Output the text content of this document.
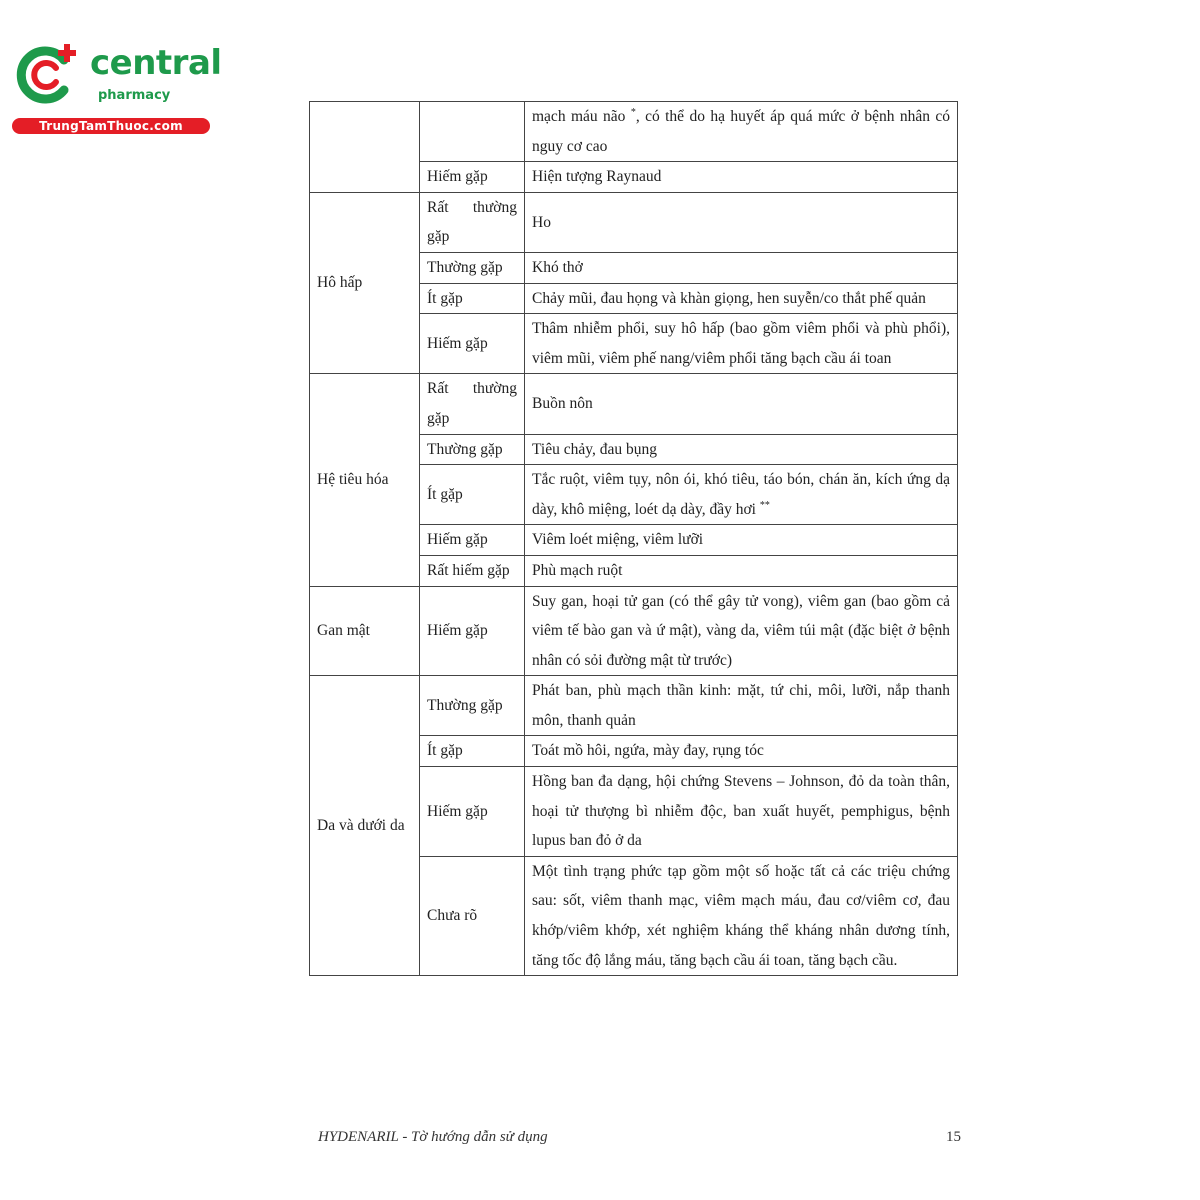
central
pharmacy
TrungTamThuoc.com
		mạch máu não *, có thể do hạ huyết áp quá mức ở bệnh nhân có nguy cơ cao
	Hiếm gặp	Hiện tượng Raynaud
Hô hấp	Rất thường gặp	Ho
	Thường gặp	Khó thở
	Ít gặp	Chảy mũi, đau họng và khàn giọng, hen suyễn/co thắt phế quản
	Hiếm gặp	Thâm nhiễm phổi, suy hô hấp (bao gồm viêm phổi và phù phổi), viêm mũi, viêm phế nang/viêm phổi tăng bạch cầu ái toan
Hệ tiêu hóa	Rất thường gặp	Buồn nôn
	Thường gặp	Tiêu chảy, đau bụng
	Ít gặp	Tắc ruột, viêm tụy, nôn ói, khó tiêu, táo bón, chán ăn, kích ứng dạ dày, khô miệng, loét dạ dày, đầy hơi **
	Hiếm gặp	Viêm loét miệng, viêm lưỡi
	Rất hiếm gặp	Phù mạch ruột
Gan mật	Hiếm gặp	Suy gan, hoại tử gan (có thể gây tử vong), viêm gan (bao gồm cả viêm tế bào gan và ứ mật), vàng da, viêm túi mật (đặc biệt ở bệnh nhân có sỏi đường mật từ trước)
Da và dưới da	Thường gặp	Phát ban, phù mạch thần kinh: mặt, tứ chi, môi, lưỡi, nắp thanh môn, thanh quản
	Ít gặp	Toát mồ hôi, ngứa, mày đay, rụng tóc
	Hiếm gặp	Hồng ban đa dạng, hội chứng Stevens – Johnson, đỏ da toàn thân, hoại tử thượng bì nhiễm độc, ban xuất huyết, pemphigus, bệnh lupus ban đỏ ở da
	Chưa rõ	Một tình trạng phức tạp gồm một số hoặc tất cả các triệu chứng sau: sốt, viêm thanh mạc, viêm mạch máu, đau cơ/viêm cơ, đau khớp/viêm khớp, xét nghiệm kháng thể kháng nhân dương tính, tăng tốc độ lắng máu, tăng bạch cầu ái toan, tăng bạch cầu.
HYDENARIL - Tờ hướng dẫn sử dụng	15
